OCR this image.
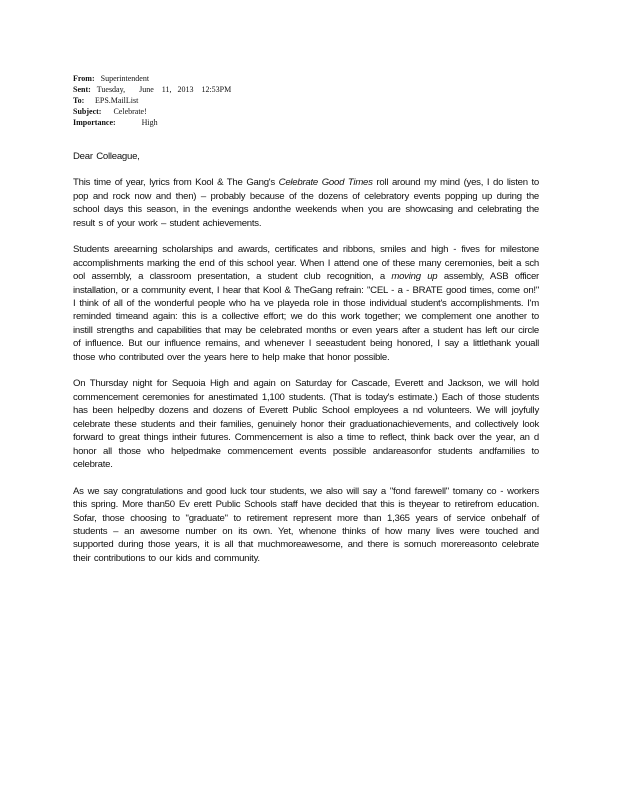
From: Superintendent
Sent: Tuesday,       June    11,   2013    12:53PM
To: EPS.MailList
Subject: Celebrate!
Importance:	High
Dear Colleague,
This time of year, lyrics from Kool & The Gang's Celebrate Good Times roll around my mind (yes, I do listen to pop and rock now and then) – probably because of the dozens of celebratory events popping up during the school days this season, in the evenings andonthe weekends when you are showcasing and celebrating the result s of your work – student achievements.
Students areearning scholarships and awards, certificates and ribbons, smiles and high - fives for milestone accomplishments marking the end of this school year. When I attend one of these many ceremonies, beit a sch ool assembly, a classroom presentation, a student club recognition, a moving up assembly, ASB officer installation, or a community event, I hear that Kool & TheGang refrain: "CEL - a - BRATE good times, come on!" I think of all of the wonderful people who ha ve playeda role in those individual student's accomplishments. I'm reminded timeand again: this is a collective effort; we do this work together; we complement one another to instill strengths and capabilities that may be celebrated months or even years after a student has left our circle of influence. But our influence remains, and whenever I seeastudent being honored, I say a littlethank youall those who contributed over the years here to help make that honor possible.
On Thursday night for Sequoia High and again on Saturday for Cascade, Everett and Jackson, we will hold commencement ceremonies for anestimated 1,100 students. (That is today's estimate.) Each of those students has been helpedby dozens and dozens of Everett Public School employees a nd volunteers. We will joyfully celebrate these students and their families, genuinely honor their graduationachievements, and collectively look forward to great things intheir futures. Commencement is also a time to reflect, think back over the year, an d honor all those who helpedmake commencement events possible andareasonfor students andfamilies to celebrate.
As we say congratulations and good luck tour students, we also will say a "fond farewell" tomany co - workers this spring. More than50 Ev erett Public Schools staff have decided that this is theyear to retirefrom education. Sofar, those choosing to "graduate" to retirement represent more than 1,365 years of service onbehalf of students – an awesome number on its own. Yet, whenone thinks of how many lives were touched and supported during those years, it is all that muchmoreawesome, and there is somuch morereasonto celebrate their contributions to our kids and community.
